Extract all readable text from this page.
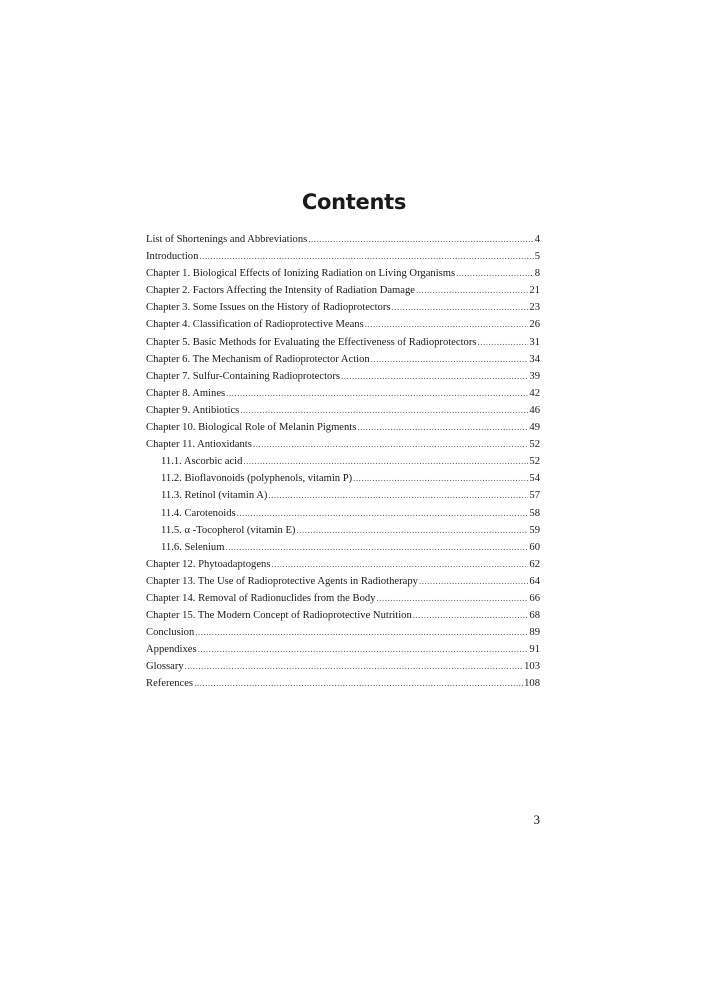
Contents
List of Shortenings and Abbreviations .....	4
Introduction .....	5
Chapter 1. Biological Effects of Ionizing Radiation on Living Organisms .....	8
Chapter 2. Factors Affecting the Intensity of Radiation Damage .....	21
Chapter 3. Some Issues on the History of Radioprotectors .....	23
Chapter 4. Classification of Radioprotective Means .....	26
Chapter 5. Basic Methods for Evaluating the Effectiveness of Radioprotectors .....	31
Chapter 6. The Mechanism of Radioprotector Action .....	34
Chapter 7. Sulfur-Containing Radioprotectors .....	39
Chapter 8. Amines .....	42
Chapter 9. Antibiotics .....	46
Chapter 10. Biological Role of Melanin Pigments .....	49
Chapter 11. Antioxidants .....	52
11.1. Ascorbic acid .....	52
11.2. Bioflavonoids (polyphenols, vitamin P) .....	54
11.3. Retinol (vitamin A) .....	57
11.4. Carotenoids .....	58
11.5. α -Tocopherol (vitamin E) .....	59
11.6. Selenium .....	60
Chapter 12. Phytoadaptogens .....	62
Chapter 13. The Use of Radioprotective Agents in Radiotherapy .....	64
Chapter 14. Removal of Radionuclides from the Body .....	66
Chapter 15. The Modern Concept of Radioprotective Nutrition .....	68
Conclusion .....	89
Appendixes .....	91
Glossary .....	103
References .....	108
3
